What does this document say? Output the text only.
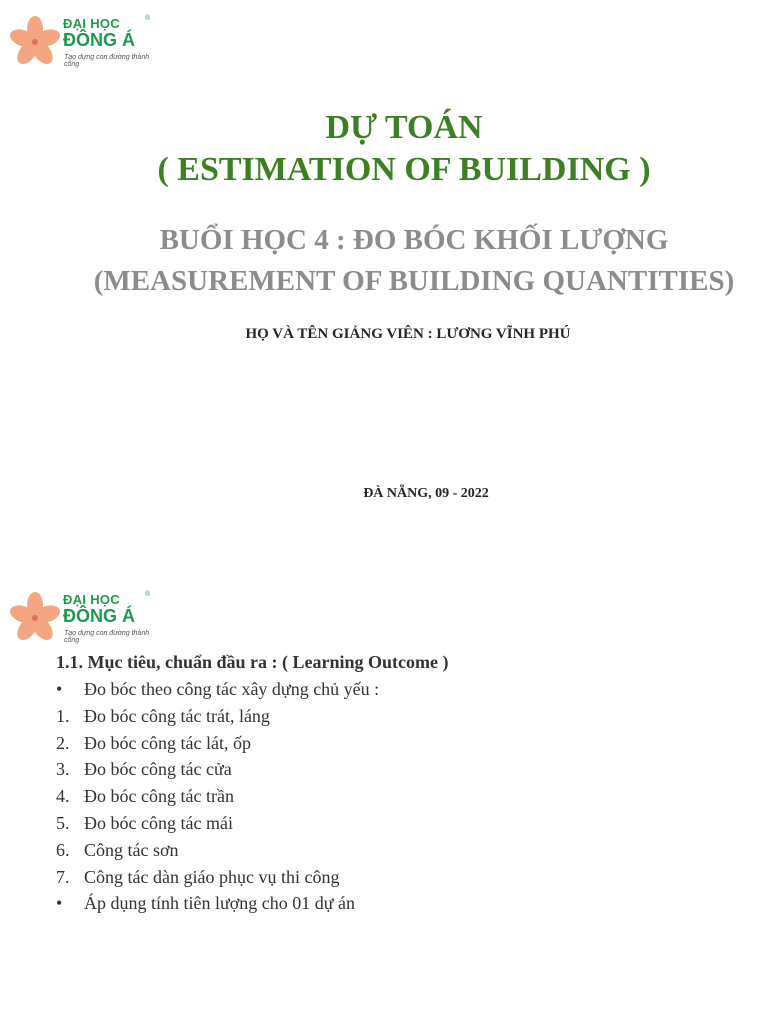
ĐẠI HỌC	®
ĐÔNG Á
Tạo dựng con đường thành công
DỰ TOÁN
( ESTIMATION OF BUILDING )
BUỔI HỌC 4 : ĐO BÓC KHỐI LƯỢNG
(MEASUREMENT OF BUILDING QUANTITIES)
HỌ VÀ TÊN GIẢNG VIÊN : LƯƠNG VĨNH PHÚ
ĐÀ NẴNG, 09 - 2022
ĐẠI HỌC	®
ĐÔNG Á
Tạo dựng con đường thành công
1.1. Mục tiêu, chuẩn đầu ra : ( Learning Outcome )
• Đo bóc theo công tác xây dựng chủ yếu :
1. Đo bóc công tác trát, láng
2. Đo bóc công tác lát, ốp
3. Đo bóc công tác cửa
4. Đo bóc công tác trần
5. Đo bóc công tác mái
6. Công tác sơn
7. Công tác dàn giáo phục vụ thi công
• Áp dụng tính tiên lượng cho 01 dự án
